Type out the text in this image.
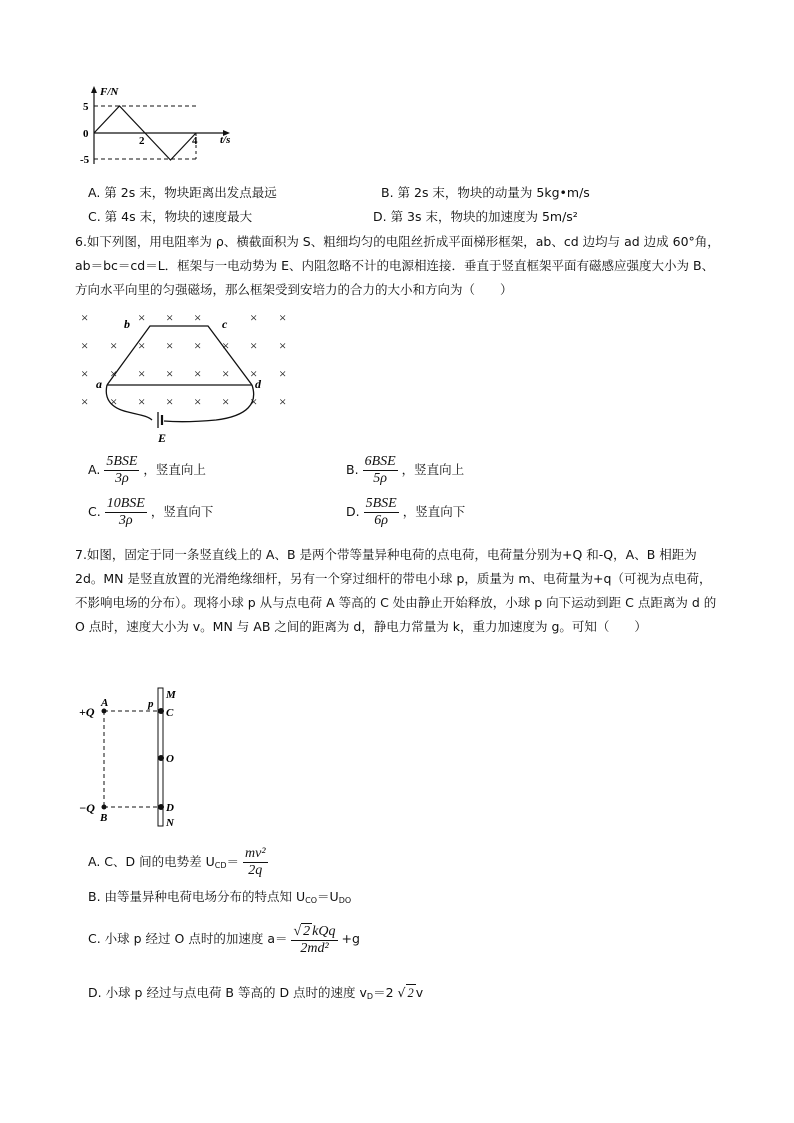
F/N
t/s
5
0
-5
2	4
A. 第 2s 末，物块距离出发点最远	B. 第 2s 末，物块的动量为 5kg•m/s
C. 第 4s 末，物块的速度最大	D. 第 3s 末，物块的加速度为 5m/s²
6.如下列图，用电阻率为 ρ、横截面积为 S、粗细均匀的电阻丝折成平面梯形框架，ab、cd 边均与 ad 边成 60°角，ab＝bc＝cd＝L．框架与一电动势为 E、内阻忽略不计的电源相连接．垂直于竖直框架平面有磁感应强度大小为 B、方向水平向里的匀强磁场，那么框架受到安培力的合力的大小和方向为（　　）
×	× × ×	× ×
× × × × × × × ×
× × × × × × × ×
× × × × × × × ×
a
b	c
d
E
A. $\frac{\text{5BSE}}{3\rho}$ ，竖直向上	B. $\frac{\text{6BSE}}{5\rho}$ ，竖直向上
C. $\frac{\text{10BSE}}{3\rho}$ ，竖直向下	D. $\frac{\text{5BSE}}{6\rho}$ ，竖直向下
7.如图，固定于同一条竖直线上的 A、B 是两个带等量异种电荷的点电荷，电荷量分别为+Q 和-Q，A、B 相距为 2d。MN 是竖直放置的光滑绝缘细杆，另有一个穿过细杆的带电小球 p，质量为 m、电荷量为+q（可视为点电荷，不影响电场的分布）。现将小球 p 从与点电荷 A 等高的 C 处由静止开始释放，小球 p 向下运动到距 C 点距离为 d 的 O 点时，速度大小为 v。MN 与 AB 之间的距离为 d，静电力常量为 k，重力加速度为 g。可知（　　）
+Q
A
−Q
B
p
M
C
O
D
N
A. C、D 间的电势差 $U_{CD}= \frac{\text{mv²}}{2q}$
B. 由等量异种电荷电场分布的特点知 $U_{CO}=U_{DO}$
C. 小球 p 经过 O 点时的加速度 $a= \frac{\text{√ 2 kQq}}{\text{2md²}} +g$
D. 小球 p 经过与点电荷 B 等高的 D 点时的速度 $v_D=2$ √ 2 v
